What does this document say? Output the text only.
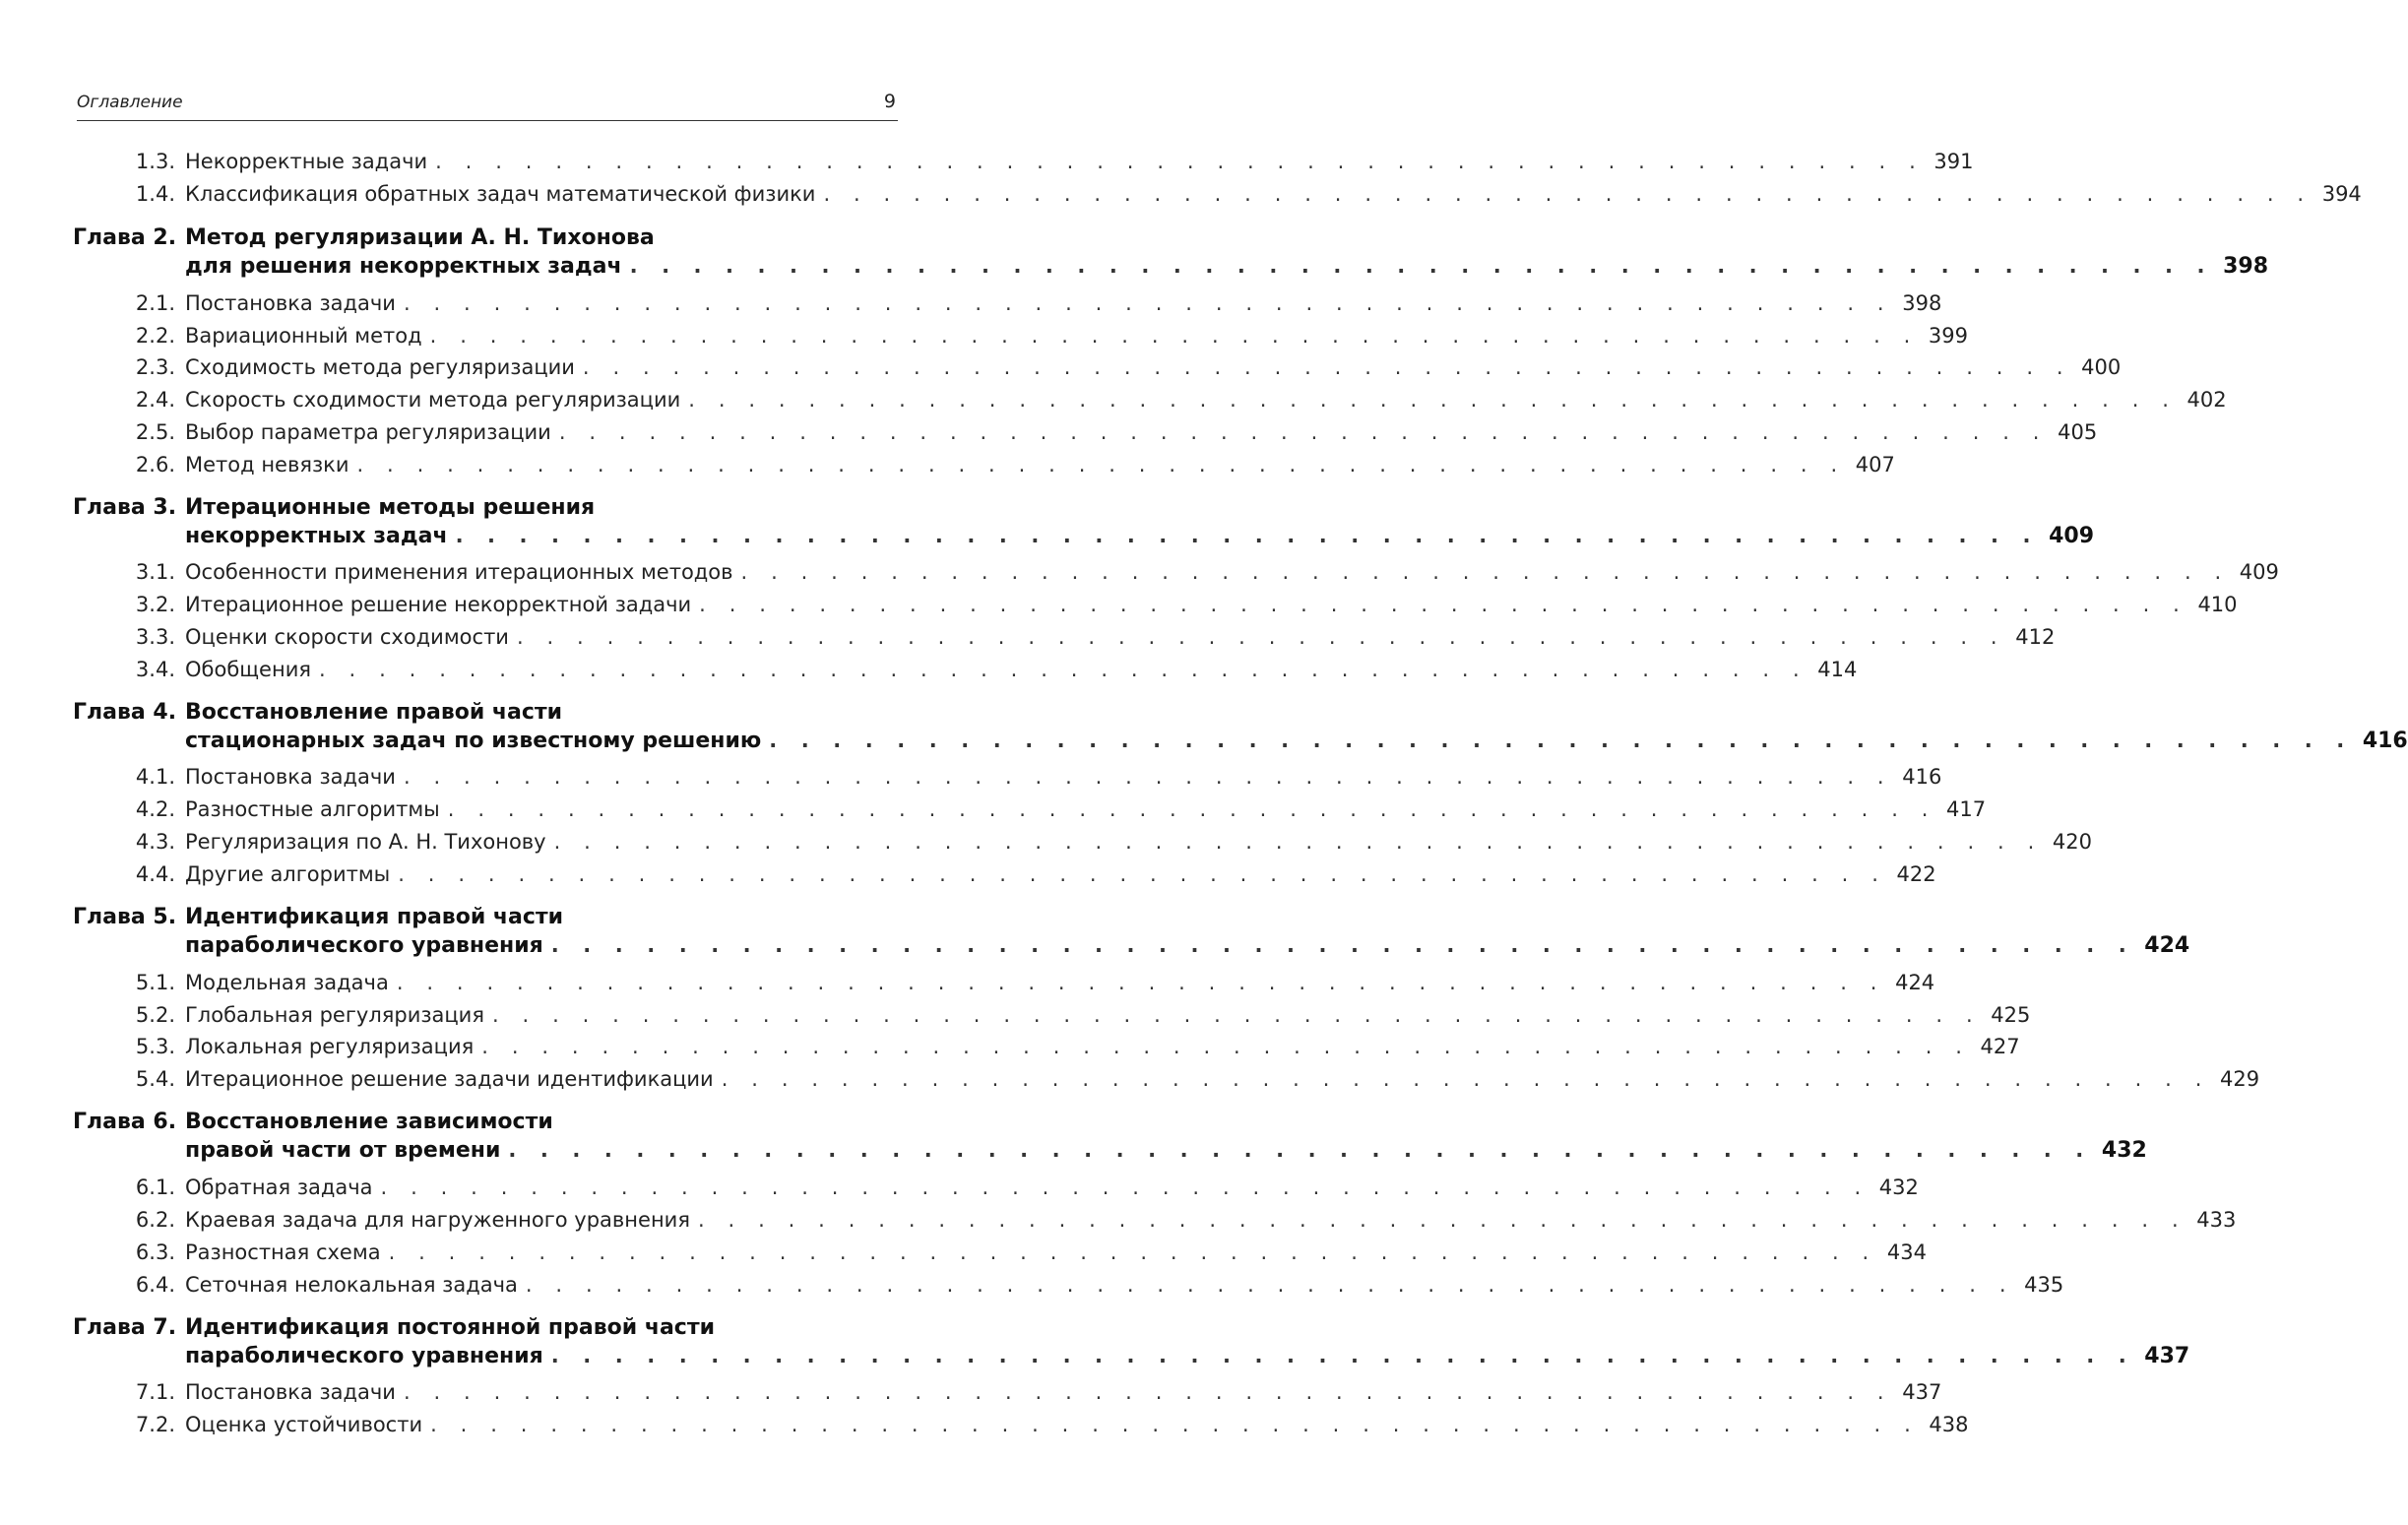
Оглавление	9
1.3. Некорректные задачи . . . . . . . . . . . . . . . . . . . . . . . . . . . . . . . . . . . . . . . . . . . . . . . . . . 391
1.4. Классификация обратных задач математической физики . . . . . . . . . . . . . . . . . . . . . . . . . . . . . . . . . . . . . . . . . . . . . . . . . . 394
Глава 2. Метод регуляризации А. Н. Тихонова
для решения некорректных задач . . . . . . . . . . . . . . . . . . . . . . . . . . . . . . . . . . . . . . . . . . . . . . . . . . 398
2.1. Постановка задачи . . . . . . . . . . . . . . . . . . . . . . . . . . . . . . . . . . . . . . . . . . . . . . . . . . 398
2.2. Вариационный метод . . . . . . . . . . . . . . . . . . . . . . . . . . . . . . . . . . . . . . . . . . . . . . . . . . 399
2.3. Сходимость метода регуляризации . . . . . . . . . . . . . . . . . . . . . . . . . . . . . . . . . . . . . . . . . . . . . . . . . . 400
2.4. Скорость сходимости метода регуляризации . . . . . . . . . . . . . . . . . . . . . . . . . . . . . . . . . . . . . . . . . . . . . . . . . . 402
2.5. Выбор параметра регуляризации . . . . . . . . . . . . . . . . . . . . . . . . . . . . . . . . . . . . . . . . . . . . . . . . . . 405
2.6. Метод невязки . . . . . . . . . . . . . . . . . . . . . . . . . . . . . . . . . . . . . . . . . . . . . . . . . . 407
Глава 3. Итерационные методы решения
некорректных задач . . . . . . . . . . . . . . . . . . . . . . . . . . . . . . . . . . . . . . . . . . . . . . . . . . 409
3.1. Особенности применения итерационных методов . . . . . . . . . . . . . . . . . . . . . . . . . . . . . . . . . . . . . . . . . . . . . . . . . . 409
3.2. Итерационное решение некорректной задачи . . . . . . . . . . . . . . . . . . . . . . . . . . . . . . . . . . . . . . . . . . . . . . . . . . 410
3.3. Оценки скорости сходимости . . . . . . . . . . . . . . . . . . . . . . . . . . . . . . . . . . . . . . . . . . . . . . . . . . 412
3.4. Обобщения . . . . . . . . . . . . . . . . . . . . . . . . . . . . . . . . . . . . . . . . . . . . . . . . . . 414
Глава 4. Восстановление правой части
стационарных задач по известному решению . . . . . . . . . . . . . . . . . . . . . . . . . . . . . . . . . . . . . . . . . . . . . . . . . . 416
4.1. Постановка задачи . . . . . . . . . . . . . . . . . . . . . . . . . . . . . . . . . . . . . . . . . . . . . . . . . . 416
4.2. Разностные алгоритмы . . . . . . . . . . . . . . . . . . . . . . . . . . . . . . . . . . . . . . . . . . . . . . . . . . 417
4.3. Регуляризация по А. Н. Тихонову . . . . . . . . . . . . . . . . . . . . . . . . . . . . . . . . . . . . . . . . . . . . . . . . . . 420
4.4. Другие алгоритмы . . . . . . . . . . . . . . . . . . . . . . . . . . . . . . . . . . . . . . . . . . . . . . . . . . 422
Глава 5. Идентификация правой части
параболического уравнения . . . . . . . . . . . . . . . . . . . . . . . . . . . . . . . . . . . . . . . . . . . . . . . . . . 424
5.1. Модельная задача . . . . . . . . . . . . . . . . . . . . . . . . . . . . . . . . . . . . . . . . . . . . . . . . . . 424
5.2. Глобальная регуляризация . . . . . . . . . . . . . . . . . . . . . . . . . . . . . . . . . . . . . . . . . . . . . . . . . . 425
5.3. Локальная регуляризация . . . . . . . . . . . . . . . . . . . . . . . . . . . . . . . . . . . . . . . . . . . . . . . . . . 427
5.4. Итерационное решение задачи идентификации . . . . . . . . . . . . . . . . . . . . . . . . . . . . . . . . . . . . . . . . . . . . . . . . . . 429
Глава 6. Восстановление зависимости
правой части от времени . . . . . . . . . . . . . . . . . . . . . . . . . . . . . . . . . . . . . . . . . . . . . . . . . . 432
6.1. Обратная задача . . . . . . . . . . . . . . . . . . . . . . . . . . . . . . . . . . . . . . . . . . . . . . . . . . 432
6.2. Краевая задача для нагруженного уравнения . . . . . . . . . . . . . . . . . . . . . . . . . . . . . . . . . . . . . . . . . . . . . . . . . . 433
6.3. Разностная схема . . . . . . . . . . . . . . . . . . . . . . . . . . . . . . . . . . . . . . . . . . . . . . . . . . 434
6.4. Сеточная нелокальная задача . . . . . . . . . . . . . . . . . . . . . . . . . . . . . . . . . . . . . . . . . . . . . . . . . . 435
Глава 7. Идентификация постоянной правой части
параболического уравнения . . . . . . . . . . . . . . . . . . . . . . . . . . . . . . . . . . . . . . . . . . . . . . . . . . 437
7.1. Постановка задачи . . . . . . . . . . . . . . . . . . . . . . . . . . . . . . . . . . . . . . . . . . . . . . . . . . 437
7.2. Оценка устойчивости . . . . . . . . . . . . . . . . . . . . . . . . . . . . . . . . . . . . . . . . . . . . . . . . . . 438
